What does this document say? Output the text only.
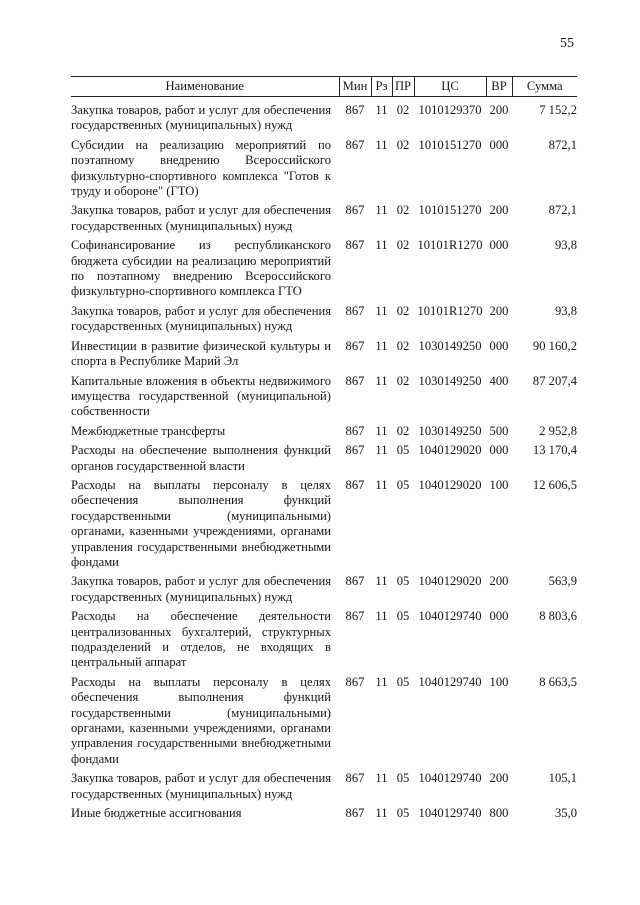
55
Наименование	Мин	Рз	ПР	ЦС	ВР	Сумма
Закупка товаров, работ и услуг для обеспечения государственных (муниципальных) нужд	867	11	02	1010129370	200	7 152,2
Субсидии на реализацию мероприятий по поэтапному внедрению Всероссийского физкультурно-спортивного комплекса "Готов к труду и обороне" (ГТО)	867	11	02	1010151270	000	872,1
Закупка товаров, работ и услуг для обеспечения государственных (муниципальных) нужд	867	11	02	1010151270	200	872,1
Софинансирование из республиканского бюджета субсидии на реализацию мероприятий по поэтапному внедрению Всероссийского физкультурно-спортивного комплекса ГТО	867	11	02	10101R1270	000	93,8
Закупка товаров, работ и услуг для обеспечения государственных (муниципальных) нужд	867	11	02	10101R1270	200	93,8
Инвестиции в развитие физической культуры и спорта в Республике Марий Эл	867	11	02	1030149250	000	90 160,2
Капитальные вложения в объекты недвижимого имущества государственной (муниципальной) собственности	867	11	02	1030149250	400	87 207,4
Межбюджетные трансферты	867	11	02	1030149250	500	2 952,8
Расходы на обеспечение выполнения функций органов государственной власти	867	11	05	1040129020	000	13 170,4
Расходы на выплаты персоналу в целях обеспечения выполнения функций государственными (муниципальными) органами, казенными учреждениями, органами управления государственными внебюджетными фондами	867	11	05	1040129020	100	12 606,5
Закупка товаров, работ и услуг для обеспечения государственных (муниципальных) нужд	867	11	05	1040129020	200	563,9
Расходы на обеспечение деятельности централизованных бухгалтерий, структурных подразделений и отделов, не входящих в центральный аппарат	867	11	05	1040129740	000	8 803,6
Расходы на выплаты персоналу в целях обеспечения выполнения функций государственными (муниципальными) органами, казенными учреждениями, органами управления государственными внебюджетными фондами	867	11	05	1040129740	100	8 663,5
Закупка товаров, работ и услуг для обеспечения государственных (муниципальных) нужд	867	11	05	1040129740	200	105,1
Иные бюджетные ассигнования	867	11	05	1040129740	800	35,0
